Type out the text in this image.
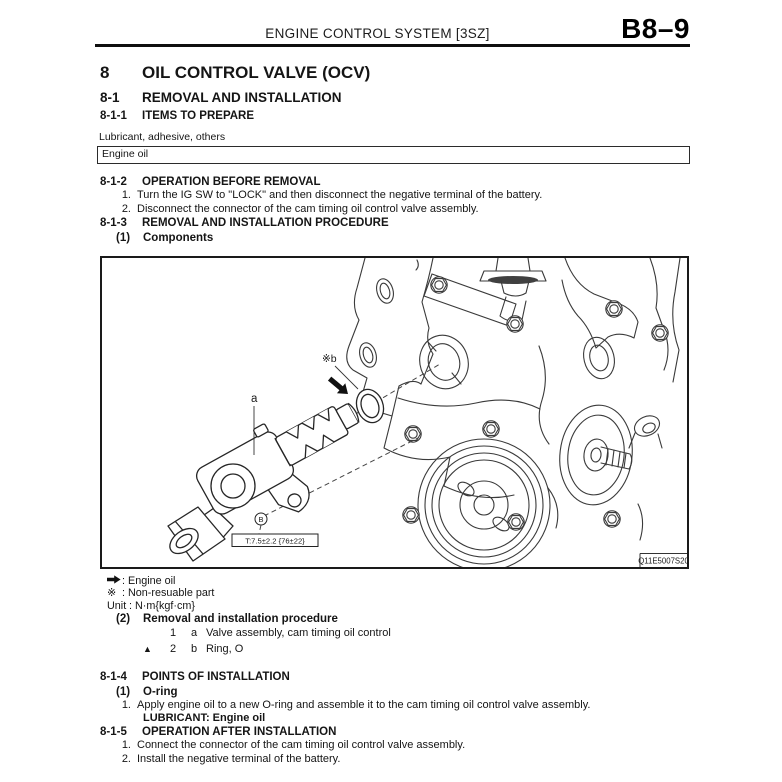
ENGINE CONTROL SYSTEM [3SZ]	B8–9
8	OIL CONTROL VALVE (OCV)
8-1	REMOVAL AND INSTALLATION
8-1-1	ITEMS TO PREPARE
Lubricant, adhesive, others
Engine oil
8-1-2	OPERATION BEFORE REMOVAL
1. Turn the IG SW to "LOCK" and then disconnect the negative terminal of the battery.
2. Disconnect the connector of the cam timing oil control valve assembly.
8-1-3	REMOVAL AND INSTALLATION PROCEDURE
(1)	Components
a
※b
B
T:7.5±2.2 {76±22}
Q11E5007S20
: Engine oil
※ : Non-resuable part
Unit : N·m{kgf·cm}
(2)	Removal and installation procedure
1	a Valve assembly, cam timing oil control
▲	2	b Ring, O
8-1-4	POINTS OF INSTALLATION
(1)	O-ring
1. Apply engine oil to a new O-ring and assemble it to the cam timing oil control valve assembly.
LUBRICANT: Engine oil
8-1-5	OPERATION AFTER INSTALLATION
1. Connect the connector of the cam timing oil control valve assembly.
2. Install the negative terminal of the battery.
